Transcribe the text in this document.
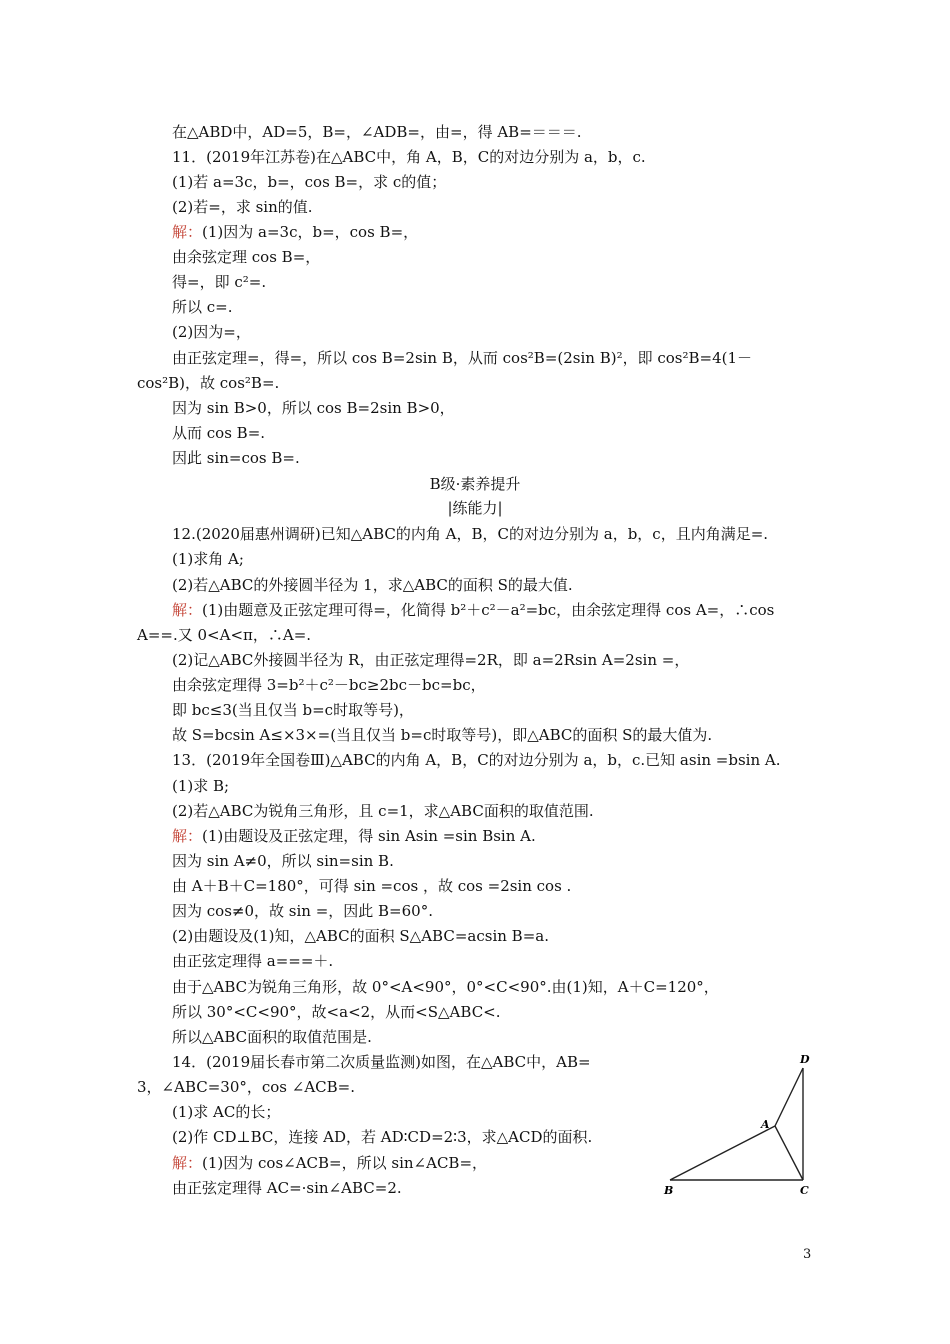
在△ABD中，AD=5，B=，∠ADB=，由=，得 AB=＝＝＝.
11．(2019年江苏卷)在△ABC中，角 A，B，C的对边分别为 a，b，c.
(1)若 a=3c，b=，cos B=，求 c的值；
(2)若=，求 sin的值.
解：(1)因为 a=3c，b=，cos B=，
由余弦定理 cos B=，
得=，即 c²=.
所以 c=.
(2)因为=，
由正弦定理=，得=，所以 cos B=2sin B，从而 cos²B=(2sin B)²，即 cos²B=4(1－
cos²B)，故 cos²B=.
因为 sin B>0，所以 cos B=2sin B>0，
从而 cos B=.
因此 sin=cos B=.
B级·素养提升
|练能力|
12.(2020届惠州调研)已知△ABC的内角 A，B，C的对边分别为 a，b，c，且内角满足=.
(1)求角 A;
(2)若△ABC的外接圆半径为 1，求△ABC的面积 S的最大值.
解：(1)由题意及正弦定理可得=，化简得 b²＋c²－a²=bc，由余弦定理得 cos A=，∴cos
A==.又 0<A<π，∴A=.
(2)记△ABC外接圆半径为 R，由正弦定理得=2R，即 a=2Rsin A=2sin =，
由余弦定理得 3=b²＋c²－bc≥2bc－bc=bc，
即 bc≤3(当且仅当 b=c时取等号)，
故 S=bcsin A≤×3×=(当且仅当 b=c时取等号)，即△ABC的面积 S的最大值为.
13．(2019年全国卷Ⅲ)△ABC的内角 A，B，C的对边分别为 a，b，c.已知 asin =bsin A.
(1)求 B;
(2)若△ABC为锐角三角形，且 c=1，求△ABC面积的取值范围.
解：(1)由题设及正弦定理，得 sin Asin =sin Bsin A.
因为 sin A≠0，所以 sin=sin B.
由 A＋B＋C=180°，可得 sin =cos ，故 cos =2sin cos .
因为 cos≠0，故 sin =，因此 B=60°.
(2)由题设及(1)知，△ABC的面积 S△ABC=acsin B=a.
由正弦定理得 a===＋.
由于△ABC为锐角三角形，故 0°<A<90°，0°<C<90°.由(1)知，A＋C=120°，
所以 30°<C<90°，故<a<2，从而<S△ABC<.
所以△ABC面积的取值范围是.
14．(2019届长春市第二次质量监测)如图，在△ABC中，AB=
3，∠ABC=30°，cos ∠ACB=.
(1)求 AC的长；
(2)作 CD⊥BC，连接 AD，若 AD∶CD=2∶3，求△ACD的面积.
解：(1)因为 cos∠ACB=，所以 sin∠ACB=，
由正弦定理得 AC=·sin∠ABC=2.
D
A
B	C
3
